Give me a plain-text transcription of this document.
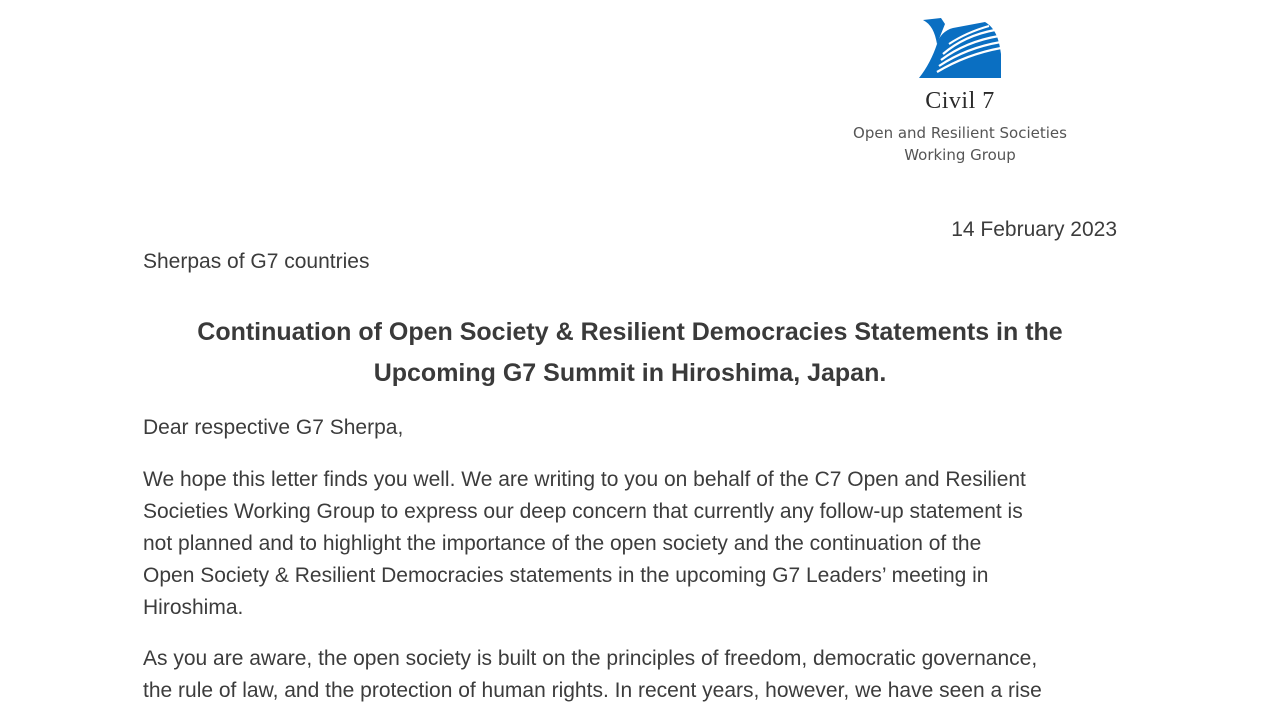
Civil 7
Open and Resilient Societies
Working Group
14 February 2023
Sherpas of G7 countries
Continuation of Open Society & Resilient Democracies Statements in the
Upcoming G7 Summit in Hiroshima, Japan.
Dear respective G7 Sherpa,
We hope this letter finds you well. We are writing to you on behalf of the C7 Open and Resilient
Societies Working Group to express our deep concern that currently any follow-up statement is
not planned and to highlight the importance of the open society and the continuation of the
Open Society & Resilient Democracies statements in the upcoming G7 Leaders’ meeting in
Hiroshima.
As you are aware, the open society is built on the principles of freedom, democratic governance,
the rule of law, and the protection of human rights. In recent years, however, we have seen a rise
